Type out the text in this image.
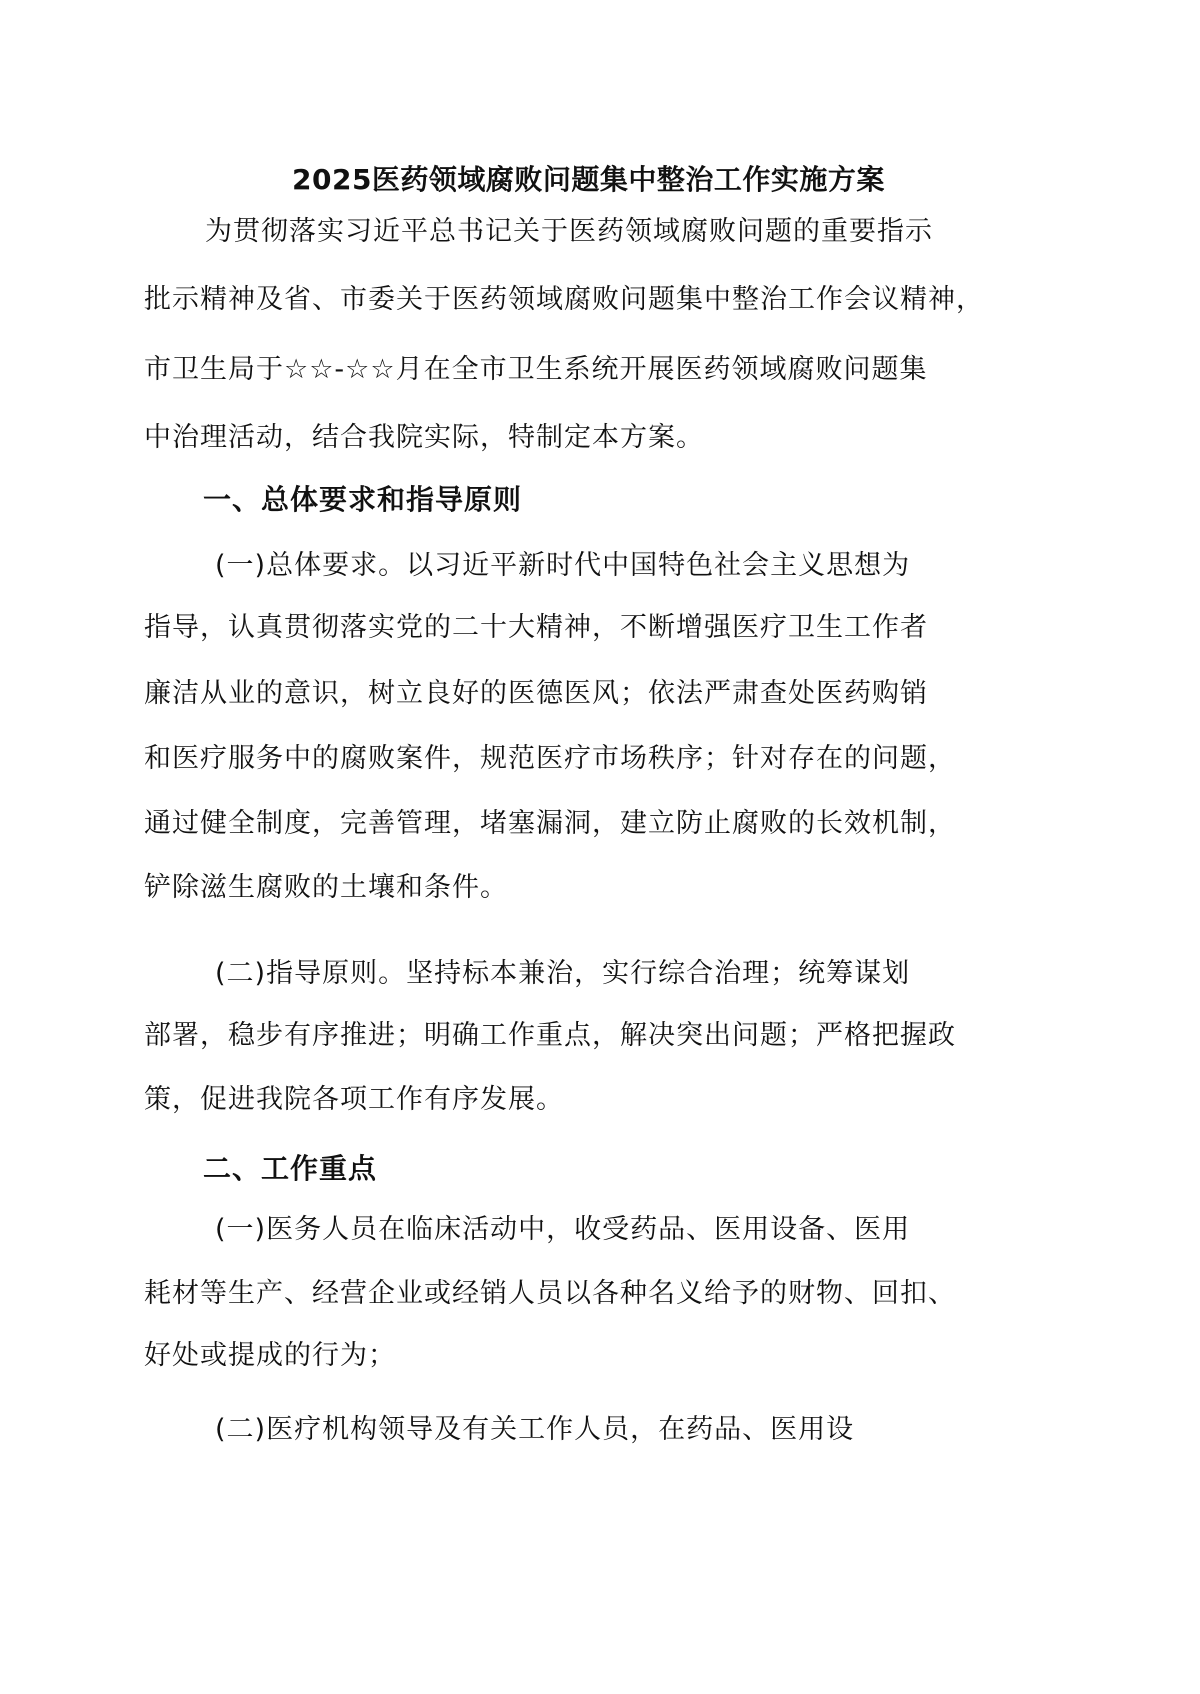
2025医药领域腐败问题集中整治工作实施方案
为贯彻落实习近平总书记关于医药领域腐败问题的重要指示
批示精神及省、市委关于医药领域腐败问题集中整治工作会议精神，
市卫生局于☆☆-☆☆月在全市卫生系统开展医药领域腐败问题集
中治理活动，结合我院实际，特制定本方案。
一、总体要求和指导原则
(一)总体要求。以习近平新时代中国特色社会主义思想为
指导，认真贯彻落实党的二十大精神，不断增强医疗卫生工作者
廉洁从业的意识，树立良好的医德医风；依法严肃查处医药购销
和医疗服务中的腐败案件，规范医疗市场秩序；针对存在的问题，
通过健全制度，完善管理，堵塞漏洞，建立防止腐败的长效机制，
铲除滋生腐败的土壤和条件。
(二)指导原则。坚持标本兼治，实行综合治理；统筹谋划
部署，稳步有序推进；明确工作重点，解决突出问题；严格把握政
策，促进我院各项工作有序发展。
二、工作重点
(一)医务人员在临床活动中，收受药品、医用设备、医用
耗材等生产、经营企业或经销人员以各种名义给予的财物、回扣、
好处或提成的行为；
(二)医疗机构领导及有关工作人员，在药品、医用设
